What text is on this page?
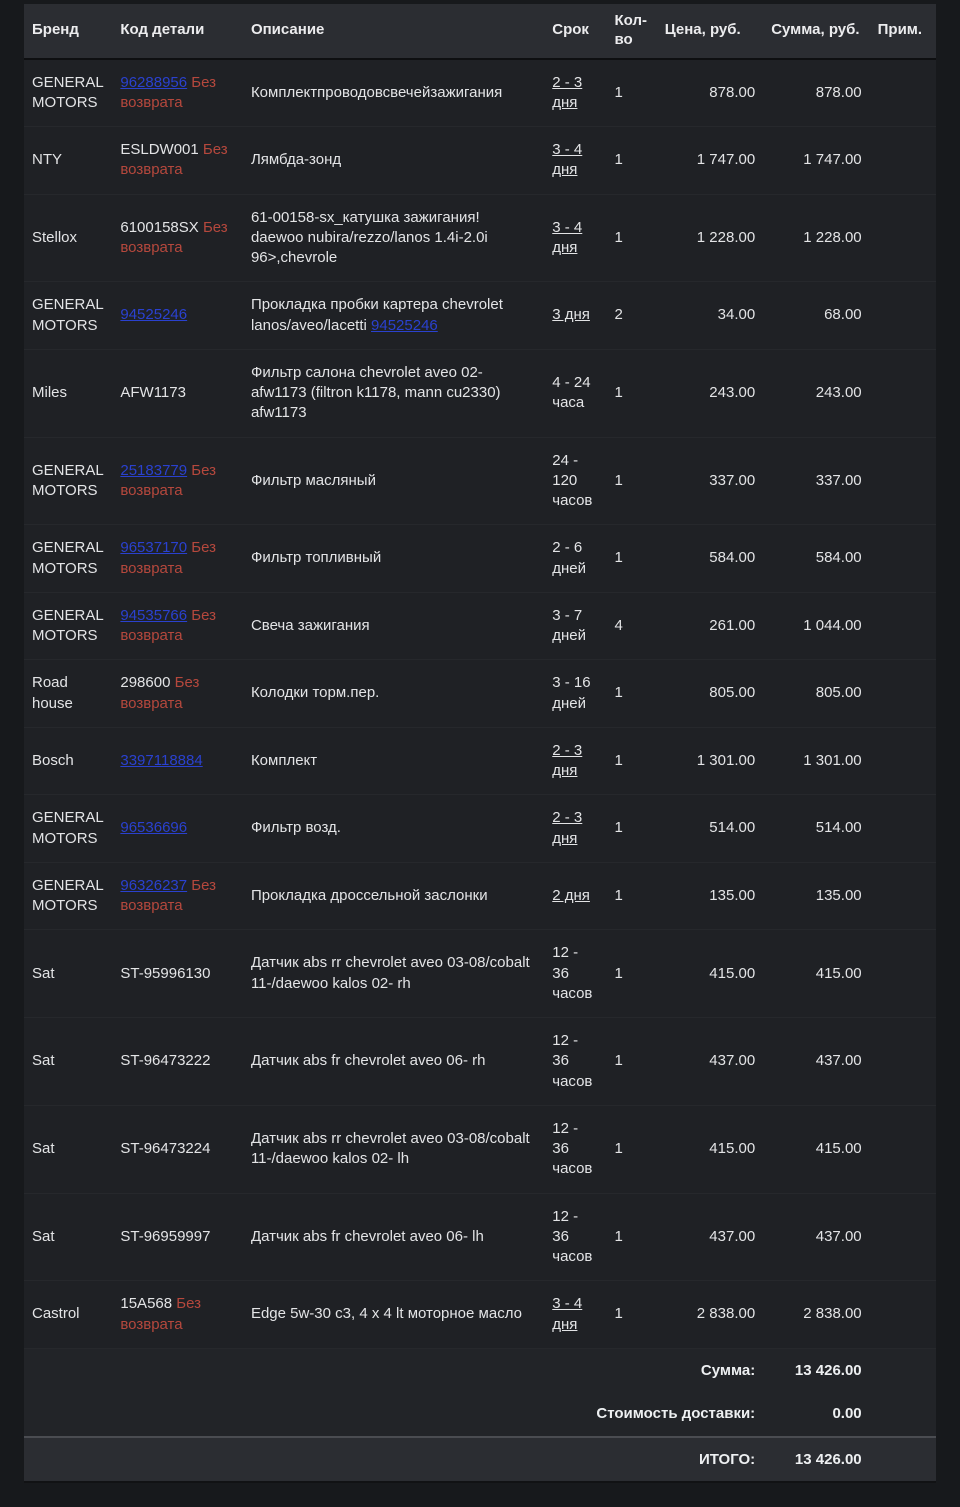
Бренд	Код детали	Описание	Срок	Кол-во	Цена, руб.	Сумма, руб.	Прим.
GENERAL MOTORS	96288956 Без возврата	Комплектпроводовсвечейзажигания	2 - 3 дня	1	878.00	878.00	
NTY	ESLDW001 Без возврата	Лямбда-зонд	3 - 4 дня	1	1 747.00	1 747.00	
Stellox	6100158SX Без возврата	61-00158-sx_катушка зажигания! daewoo nubira/rezzo/lanos 1.4i-2.0i 96>,chevrole	3 - 4 дня	1	1 228.00	1 228.00	
GENERAL MOTORS	94525246	Прокладка пробки картера chevrolet lanos/aveo/lacetti 94525246	3 дня	2	34.00	68.00	
Miles	AFW1173	Фильтр салона chevrolet aveo 02- afw1173 (filtron k1178, mann cu2330) afw1173	4 - 24 часа	1	243.00	243.00	
GENERAL MOTORS	25183779 Без возврата	Фильтр масляный	24 - 120 часов	1	337.00	337.00	
GENERAL MOTORS	96537170 Без возврата	Фильтр топливный	2 - 6 дней	1	584.00	584.00	
GENERAL MOTORS	94535766 Без возврата	Свеча зажигания	3 - 7 дней	4	261.00	1 044.00	
Road house	298600 Без возврата	Колодки торм.пер.	3 - 16 дней	1	805.00	805.00	
Bosch	3397118884	Комплект	2 - 3 дня	1	1 301.00	1 301.00	
GENERAL MOTORS	96536696	Фильтр возд.	2 - 3 дня	1	514.00	514.00	
GENERAL MOTORS	96326237 Без возврата	Прокладка дроссельной заслонки	2 дня	1	135.00	135.00	
Sat	ST-95996130	Датчик abs rr chevrolet aveo 03-08/cobalt 11-/daewoo kalos 02- rh	12 - 36 часов	1	415.00	415.00	
Sat	ST-96473222	Датчик abs fr chevrolet aveo 06- rh	12 - 36 часов	1	437.00	437.00	
Sat	ST-96473224	Датчик abs rr chevrolet aveo 03-08/cobalt 11-/daewoo kalos 02- lh	12 - 36 часов	1	415.00	415.00	
Sat	ST-96959997	Датчик abs fr chevrolet aveo 06- lh	12 - 36 часов	1	437.00	437.00	
Castrol	15A568 Без возврата	Edge 5w-30 c3, 4 x 4 lt моторное масло	3 - 4 дня	1	2 838.00	2 838.00	
Сумма:						13 426.00	
Стоимость доставки:						0.00	
ИТОГО:						13 426.00	
